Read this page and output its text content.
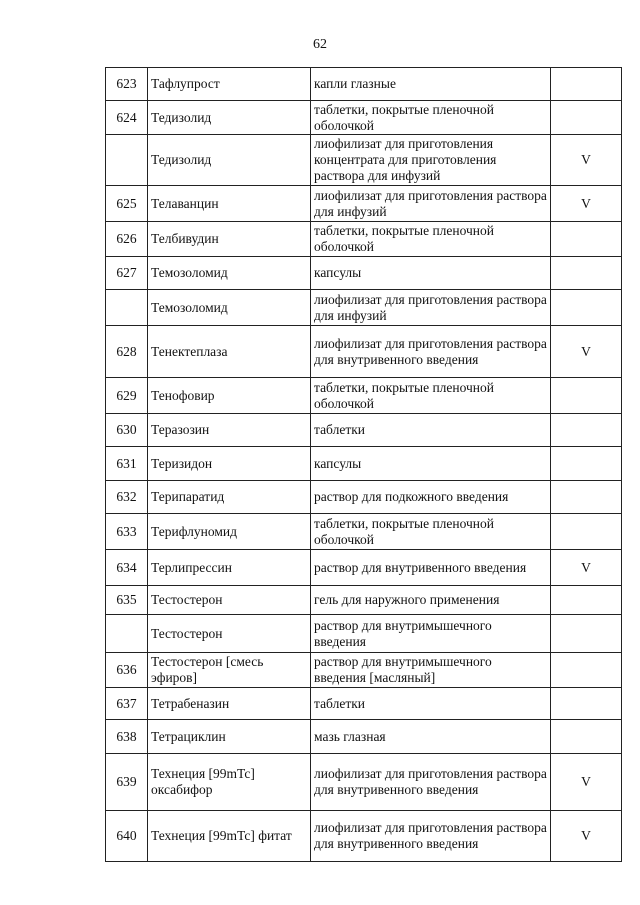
62
623	Тафлупрост	капли глазные	
624	Тедизолид	таблетки, покрытые пленочной оболочкой	
	Тедизолид	лиофилизат для приготовления концентрата для приготовления раствора для инфузий	V
625	Телаванцин	лиофилизат для приготовления раствора для инфузий	V
626	Телбивудин	таблетки, покрытые пленочной оболочкой	
627	Темозоломид	капсулы	
	Темозоломид	лиофилизат для приготовления раствора для инфузий	
628	Тенектеплаза	лиофилизат для приготовления раствора для внутривенного введения	V
629	Тенофовир	таблетки, покрытые пленочной оболочкой	
630	Теразозин	таблетки	
631	Теризидон	капсулы	
632	Терипаратид	раствор для подкожного введения	
633	Терифлуномид	таблетки, покрытые пленочной оболочкой	
634	Терлипрессин	раствор для внутривенного введения	V
635	Тестостерон	гель для наружного применения	
	Тестостерон	раствор для внутримышечного введения	
636	Тестостерон [смесь эфиров]	раствор для внутримышечного введения [масляный]	
637	Тетрабеназин	таблетки	
638	Тетрациклин	мазь глазная	
639	Технеция [99mTc] оксабифор	лиофилизат для приготовления раствора для внутривенного введения	V
640	Технеция [99mTc] фитат	лиофилизат для приготовления раствора для внутривенного введения	V
